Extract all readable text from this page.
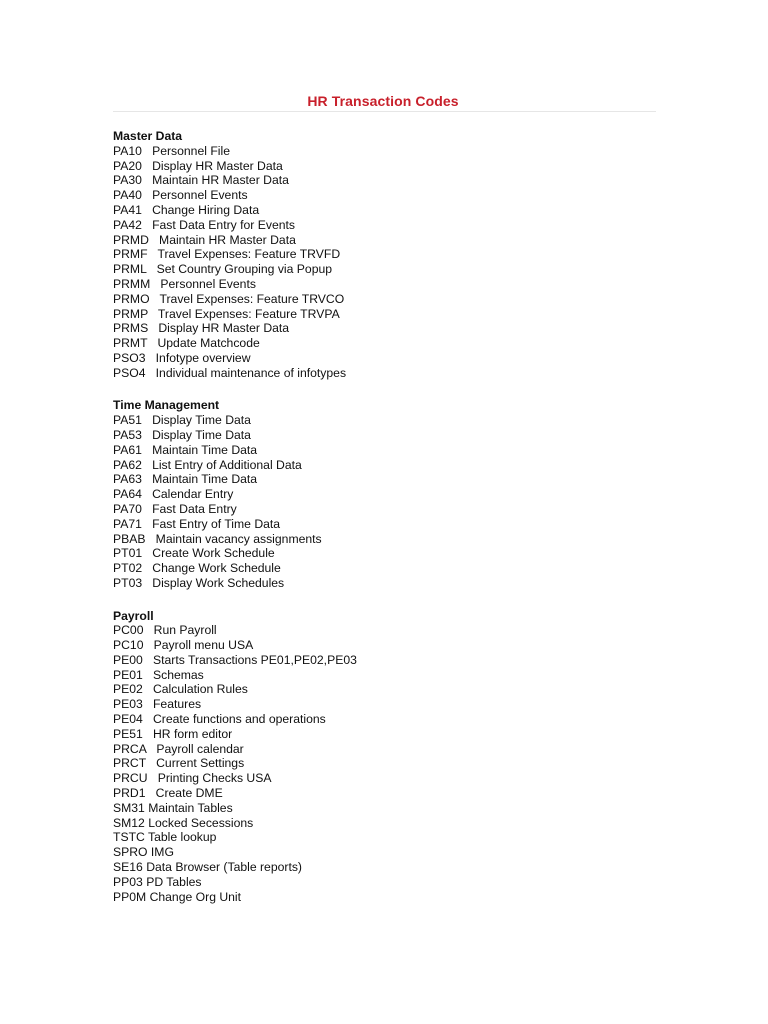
HR Transaction Codes
Master Data
PA10   Personnel File
PA20   Display HR Master Data
PA30   Maintain HR Master Data
PA40   Personnel Events
PA41   Change Hiring Data
PA42   Fast Data Entry for Events
PRMD   Maintain HR Master Data
PRMF   Travel Expenses: Feature TRVFD
PRML   Set Country Grouping via Popup
PRMM   Personnel Events
PRMO   Travel Expenses: Feature TRVCO
PRMP   Travel Expenses: Feature TRVPA
PRMS   Display HR Master Data
PRMT   Update Matchcode
PSO3   Infotype overview
PSO4   Individual maintenance of infotypes
Time Management
PA51   Display Time Data
PA53   Display Time Data
PA61   Maintain Time Data
PA62   List Entry of Additional Data
PA63   Maintain Time Data
PA64   Calendar Entry
PA70   Fast Data Entry
PA71   Fast Entry of Time Data
PBAB   Maintain vacancy assignments
PT01   Create Work Schedule
PT02   Change Work Schedule
PT03   Display Work Schedules
Payroll
PC00   Run Payroll
PC10   Payroll menu USA
PE00   Starts Transactions PE01,PE02,PE03
PE01   Schemas
PE02   Calculation Rules
PE03   Features
PE04   Create functions and operations
PE51   HR form editor
PRCA   Payroll calendar
PRCT   Current Settings
PRCU   Printing Checks USA
PRD1   Create DME
SM31 Maintain Tables
SM12 Locked Secessions
TSTC Table lookup
SPRO IMG
SE16 Data Browser (Table reports)
PP03 PD Tables
PP0M Change Org Unit
